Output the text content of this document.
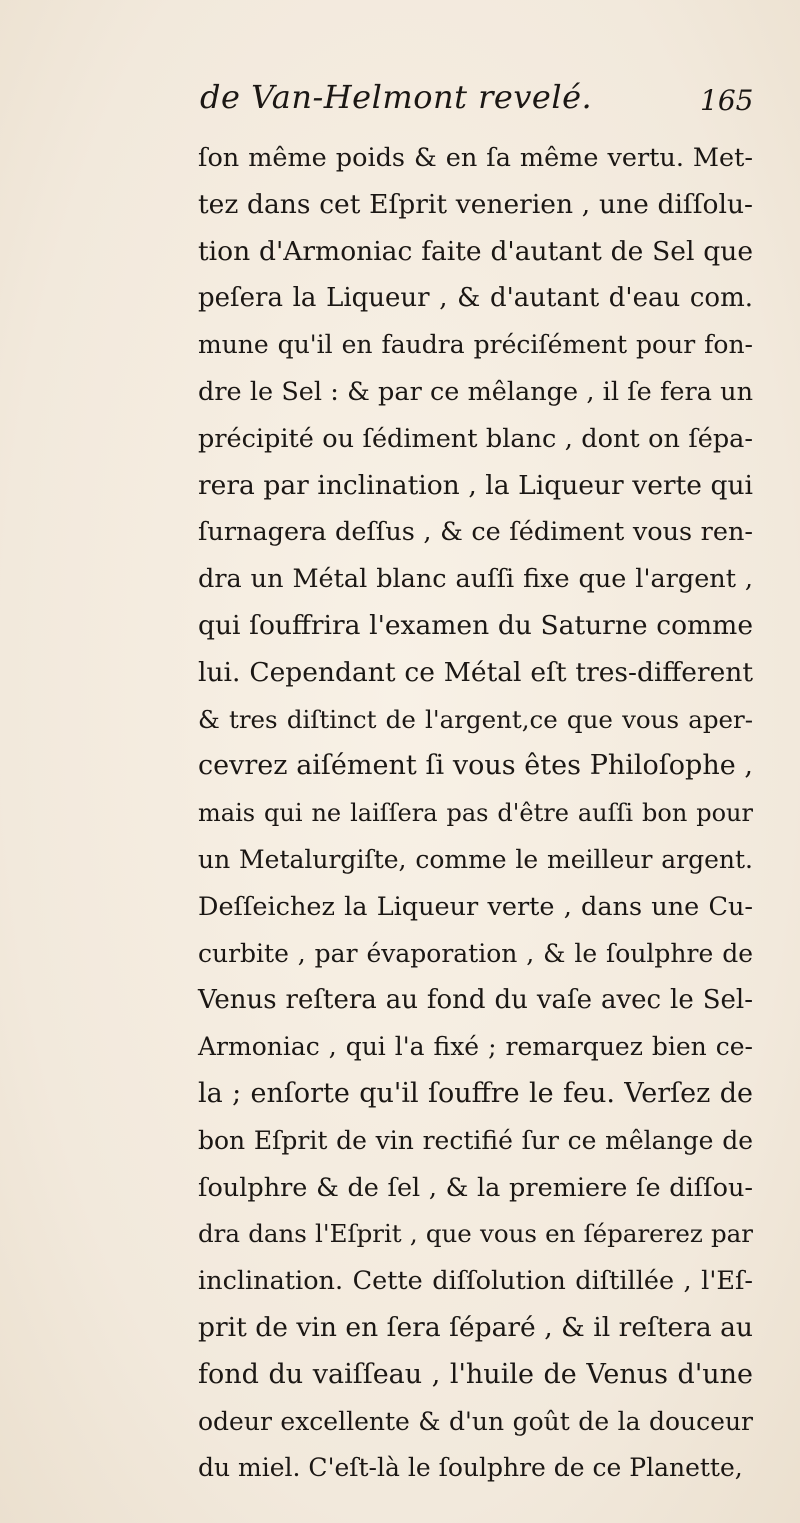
de Van-Helmont revelé.	165
ſon même poids & en ſa même vertu. Met-
tez dans cet Eſprit venerien , une diſſolu-
tion d'Armoniac faite d'autant de Sel que
peſera la Liqueur , & d'autant d'eau com.
mune qu'il en faudra préciſément pour fon-
dre le Sel : & par ce mêlange , il ſe fera un
précipité ou ſédiment blanc , dont on ſépa-
rera par inclination , la Liqueur verte qui
ſurnagera deſſus , & ce ſédiment vous ren-
dra un Métal blanc auſſi fixe que l'argent ,
qui ſouffrira l'examen du Saturne comme
lui. Cependant ce Métal eſt tres-different
& tres diſtinct de l'argent,ce que vous aper-
cevrez aiſément ſi vous êtes Philoſophe ,
mais qui ne laiſſera pas d'être auſſi bon pour
un Metalurgiſte, comme le meilleur argent.
Deſſeichez la Liqueur verte , dans une Cu-
curbite , par évaporation , & le ſoulphre de
Venus reſtera au fond du vaſe avec le Sel-
Armoniac , qui l'a fixé ; remarquez bien ce-
la ; enſorte qu'il ſouffre le feu. Verſez de
bon Eſprit de vin rectifié ſur ce mêlange de
ſoulphre & de ſel , & la premiere ſe diſſou-
dra dans l'Eſprit , que vous en ſéparerez par
inclination. Cette diſſolution diſtillée , l'Eſ-
prit de vin en ſera ſéparé , & il reſtera au
fond du vaiſſeau , l'huile de Venus d'une
odeur excellente & d'un goût de la douceur
du miel. C'eſt-là le ſoulphre de ce Planette,
